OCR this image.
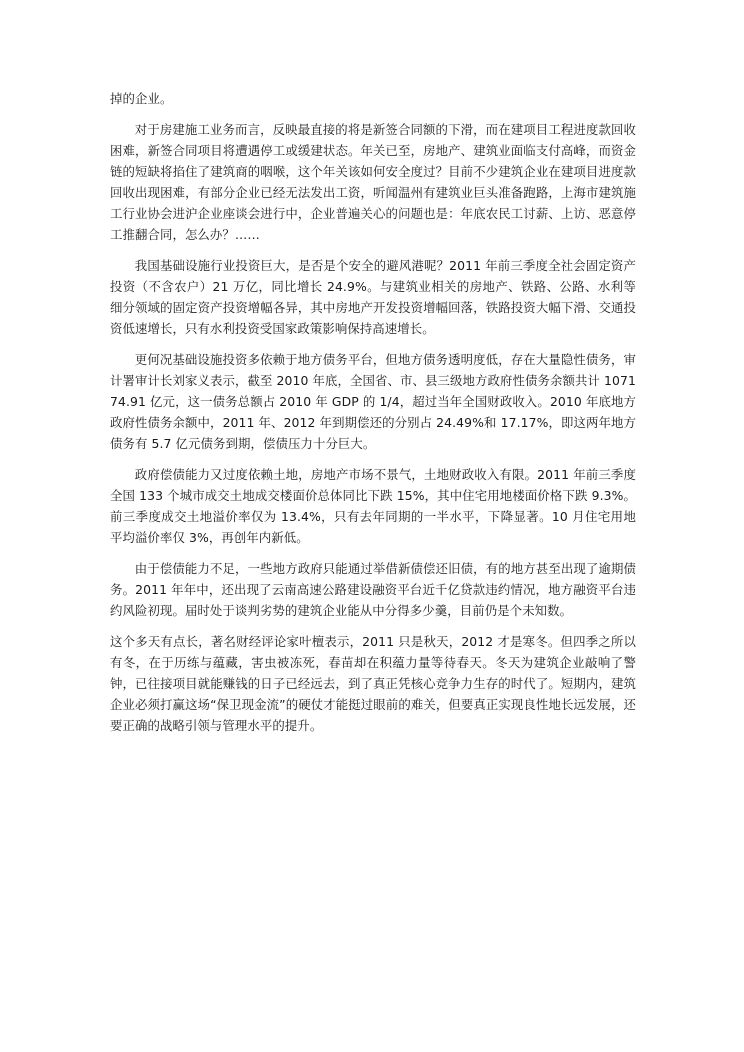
掉的企业。

对于房建施工业务而言，反映最直接的将是新签合同额的下滑，而在建项目工程进度款回收困难，新签合同项目将遭遇停工或缓建状态。年关已至，房地产、建筑业面临支付高峰，而资金链的短缺将掐住了建筑商的咽喉，这个年关该如何安全度过？目前不少建筑企业在建项目进度款回收出现困难，有部分企业已经无法发出工资，听闻温州有建筑业巨头准备跑路，上海市建筑施工行业协会进沪企业座谈会进行中，企业普遍关心的问题也是：年底农民工讨薪、上访、恶意停工推翻合同，怎么办？……

我国基础设施行业投资巨大，是否是个安全的避风港呢？2011 年前三季度全社会固定资产投资（不含农户）21 万亿，同比增长 24.9%。与建筑业相关的房地产、铁路、公路、水利等细分领域的固定资产投资增幅各异，其中房地产开发投资增幅回落，铁路投资大幅下滑、交通投资低速增长，只有水利投资受国家政策影响保持高速增长。

更何况基础设施投资多依赖于地方债务平台，但地方债务透明度低，存在大量隐性债务，审计署审计长刘家义表示，截至 2010 年底，全国省、市、县三级地方政府性债务余额共计 107174.91 亿元，这一债务总额占 2010 年 GDP 的 1/4，超过当年全国财政收入。2010 年底地方政府性债务余额中，2011 年、2012 年到期偿还的分别占 24.49%和 17.17%，即这两年地方债务有 5.7 亿元债务到期，偿债压力十分巨大。

政府偿债能力又过度依赖土地，房地产市场不景气，土地财政收入有限。2011 年前三季度全国 133 个城市成交土地成交楼面价总体同比下跌 15%，其中住宅用地楼面价格下跌 9.3%。前三季度成交土地溢价率仅为 13.4%，只有去年同期的一半水平，下降显著。10 月住宅用地平均溢价率仅 3%，再创年内新低。

由于偿债能力不足，一些地方政府只能通过举借新债偿还旧债，有的地方甚至出现了逾期债务。2011 年年中，还出现了云南高速公路建设融资平台近千亿贷款违约情况，地方融资平台违约风险初现。届时处于谈判劣势的建筑企业能从中分得多少羹，目前仍是个未知数。

这个多天有点长，著名财经评论家叶檀表示，2011 只是秋天，2012 才是寒冬。但四季之所以有冬，在于历练与蕴藏，害虫被冻死，春苗却在积蕴力量等待春天。冬天为建筑企业敲响了警钟，已往接项目就能赚钱的日子已经远去，到了真正凭核心竞争力生存的时代了。短期内，建筑企业必须打赢这场“保卫现金流”的硬仗才能挺过眼前的难关，但要真正实现良性地长远发展，还要正确的战略引领与管理水平的提升。
